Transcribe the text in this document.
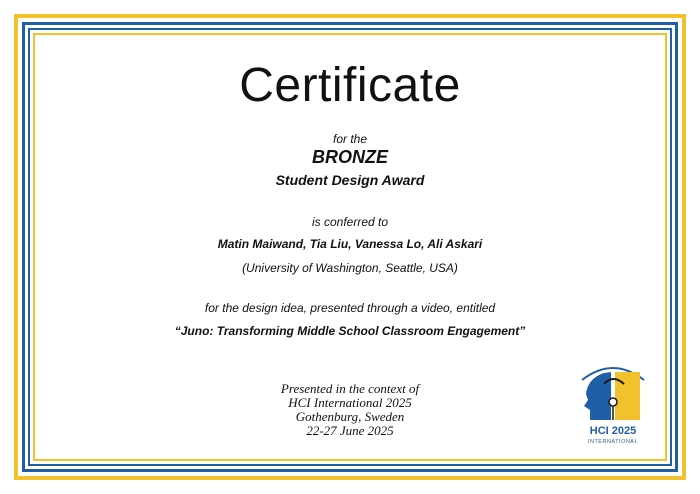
Certificate
for the
BRONZE
Student Design Award
is conferred to
Matin Maiwand, Tia Liu, Vanessa Lo, Ali Askari
(University of Washington, Seattle, USA)
for the design idea, presented through a video, entitled
“Juno: Transforming Middle School Classroom Engagement”
Presented in the context of
HCI International 2025
Gothenburg, Sweden
22-27 June 2025	HCI 2025
INTERNATIONAL
